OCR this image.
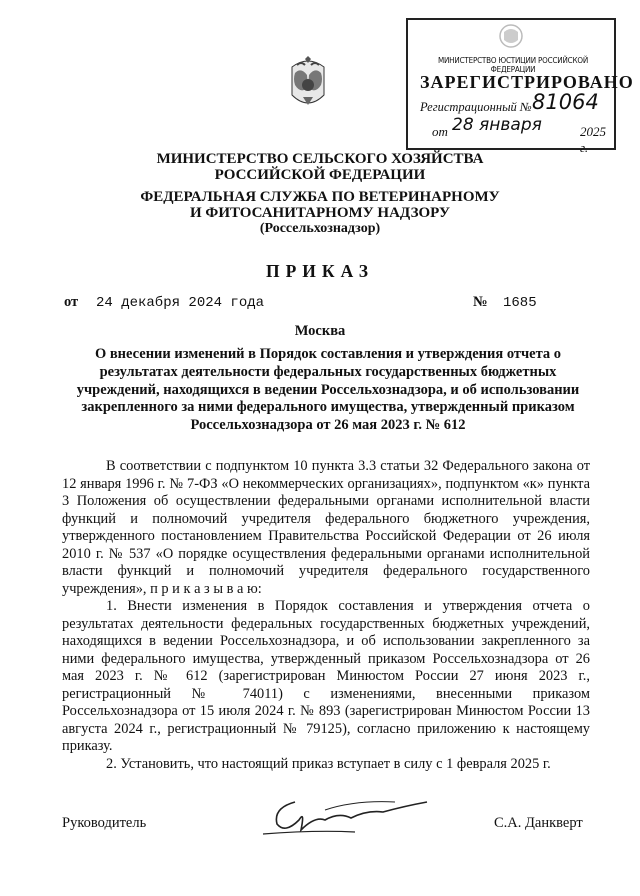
МИНИСТЕРСТВО ЮСТИЦИИ РОССИЙСКОЙ ФЕДЕРАЦИИ
ЗАРЕГИСТРИРОВАНО
Регистрационный № 81064
от 28 января	2025 г.
МИНИСТЕРСТВО СЕЛЬСКОГО ХОЗЯЙСТВА
РОССИЙСКОЙ ФЕДЕРАЦИИ
ФЕДЕРАЛЬНАЯ СЛУЖБА ПО ВЕТЕРИНАРНОМУ
И ФИТОСАНИТАРНОМУ НАДЗОРУ
(Россельхознадзор)
ПРИКАЗ
от 24 декабря 2024 года	№ 1685
Москва
О внесении изменений в Порядок составления и утверждения отчета о результатах деятельности федеральных государственных бюджетных учреждений, находящихся в ведении Россельхознадзора, и об использовании закрепленного за ними федерального имущества, утвержденный приказом Россельхознадзора от 26 мая 2023 г. № 612

В соответствии с подпунктом 10 пункта 3.3 статьи 32 Федерального закона от 12 января 1996 г. № 7-ФЗ «О некоммерческих организациях», подпунктом «к» пункта 3 Положения об осуществлении федеральными органами исполнительной власти функций и полномочий учредителя федерального бюджетного учреждения, утвержденного постановлением Правительства Российской Федерации от 26 июля 2010 г. № 537 «О порядке осуществления федеральными органами исполнительной власти функций и полномочий учредителя федерального государственного учреждения», п р и к а з ы в а ю:

1. Внести изменения в Порядок составления и утверждения отчета о результатах деятельности федеральных государственных бюджетных учреждений, находящихся в ведении Россельхознадзора, и об использовании закрепленного за ними федерального имущества, утвержденный приказом Россельхознадзора от 26 мая 2023 г. № 612 (зарегистрирован Минюстом России 27 июня 2023 г., регистрационный № 74011) с изменениями, внесенными приказом Россельхознадзора от 15 июля 2024 г. № 893 (зарегистрирован Минюстом России 13 августа 2024 г., регистрационный № 79125), согласно приложению к настоящему приказу.

2. Установить, что настоящий приказ вступает в силу с 1 февраля 2025 г.

Руководитель	С.А. Данкверт
